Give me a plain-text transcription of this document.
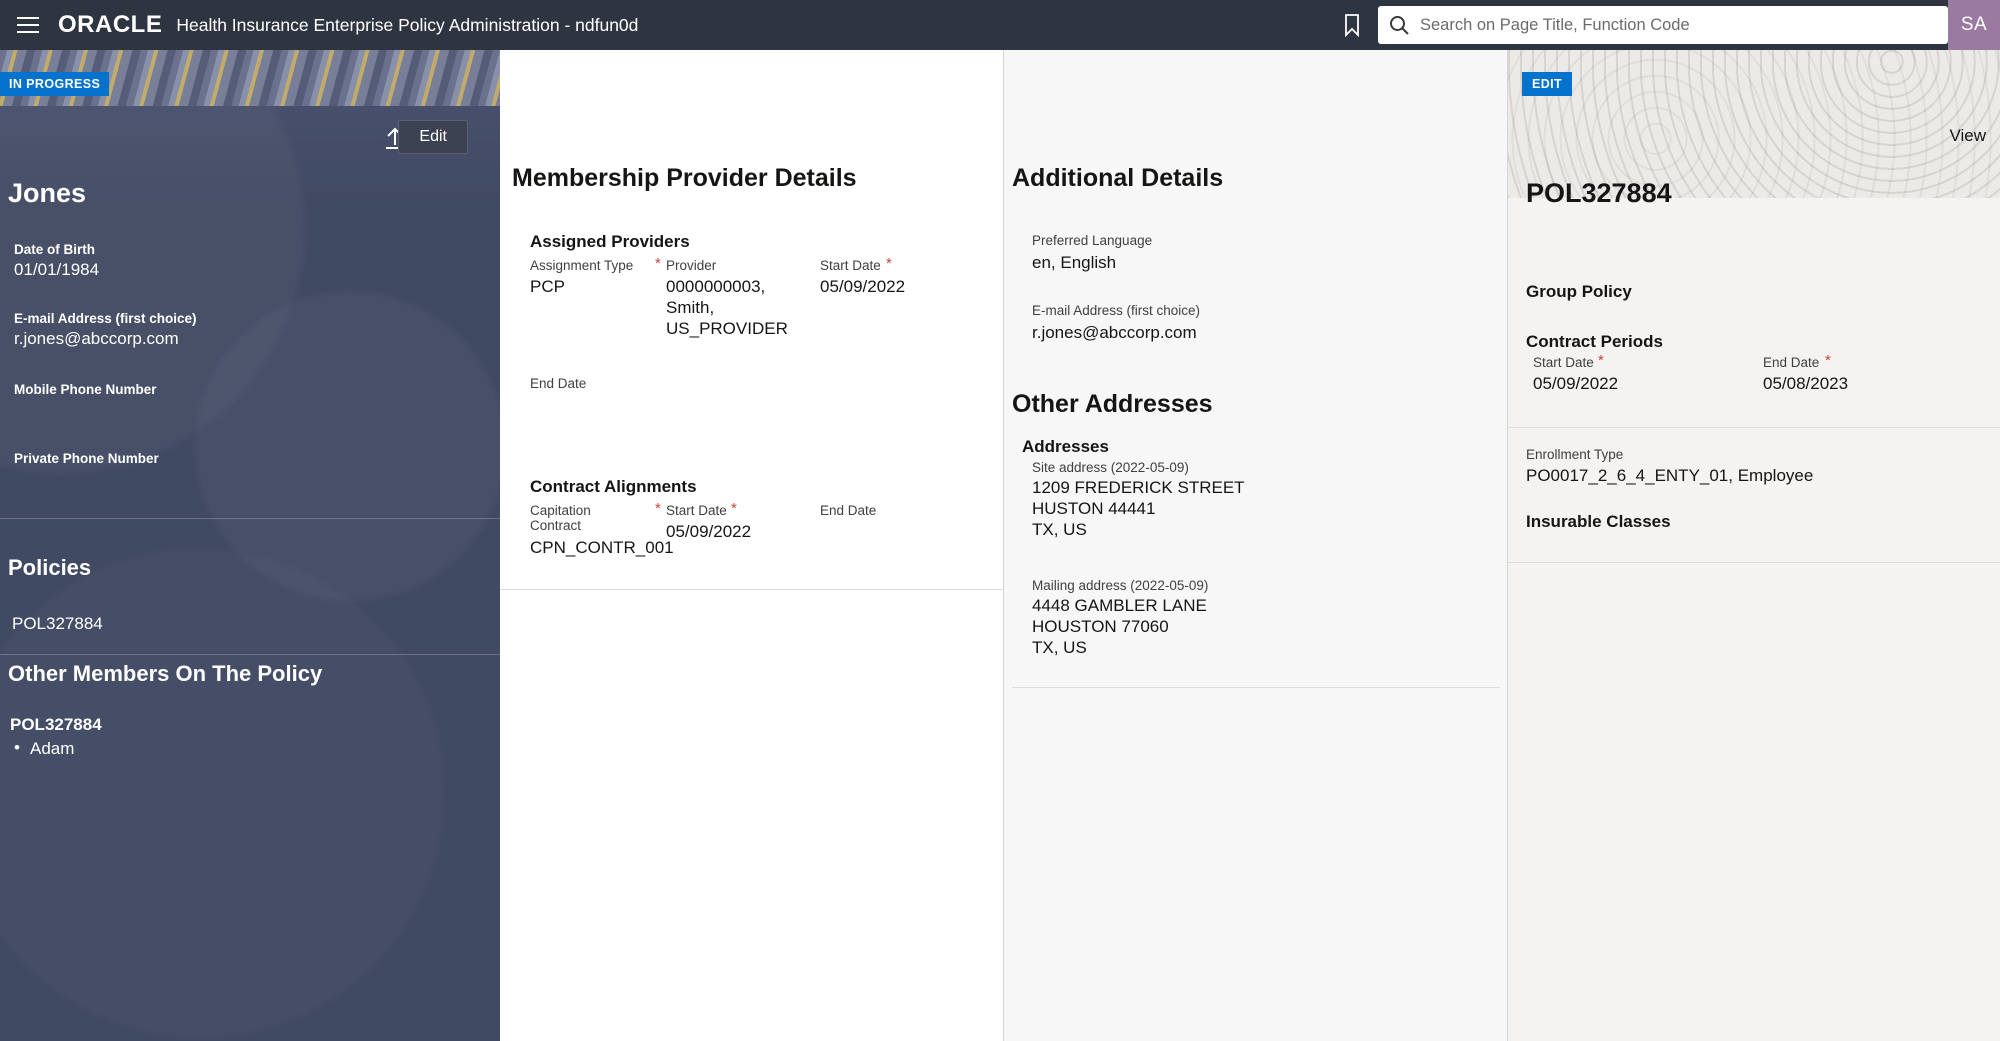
ORACLE Health Insurance Enterprise Policy Administration - ndfun0d
Search on Page Title, Function Code	SA
IN PROGRESS
Edit
Jones
Date of Birth
01/01/1984
E-mail Address (first choice)
r.jones@abccorp.com
Mobile Phone Number
Private Phone Number
Policies
POL327884
Other Members On The Policy
POL327884
• Adam
Membership Provider Details
Assigned Providers
Assignment Type *
PCP
Provider
0000000003, Smith, US_PROVIDER
Start Date *
05/09/2022
End Date
Contract Alignments
Capitation Contract
*
CPN_CONTR_001
Start Date *
05/09/2022
End Date
Additional Details
Preferred Language
en, English
E-mail Address (first choice)
r.jones@abccorp.com
Other Addresses
Addresses
Site address (2022-05-09)
1209 FREDERICK STREET
HUSTON 44441
TX, US
Mailing address (2022-05-09)
4448 GAMBLER LANE
HOUSTON 77060
TX, US
EDIT
View
POL327884
Group Policy
Contract Periods
Start Date *
05/09/2022
End Date *
05/08/2023
Enrollment Type
PO0017_2_6_4_ENTY_01, Employee
Insurable Classes
